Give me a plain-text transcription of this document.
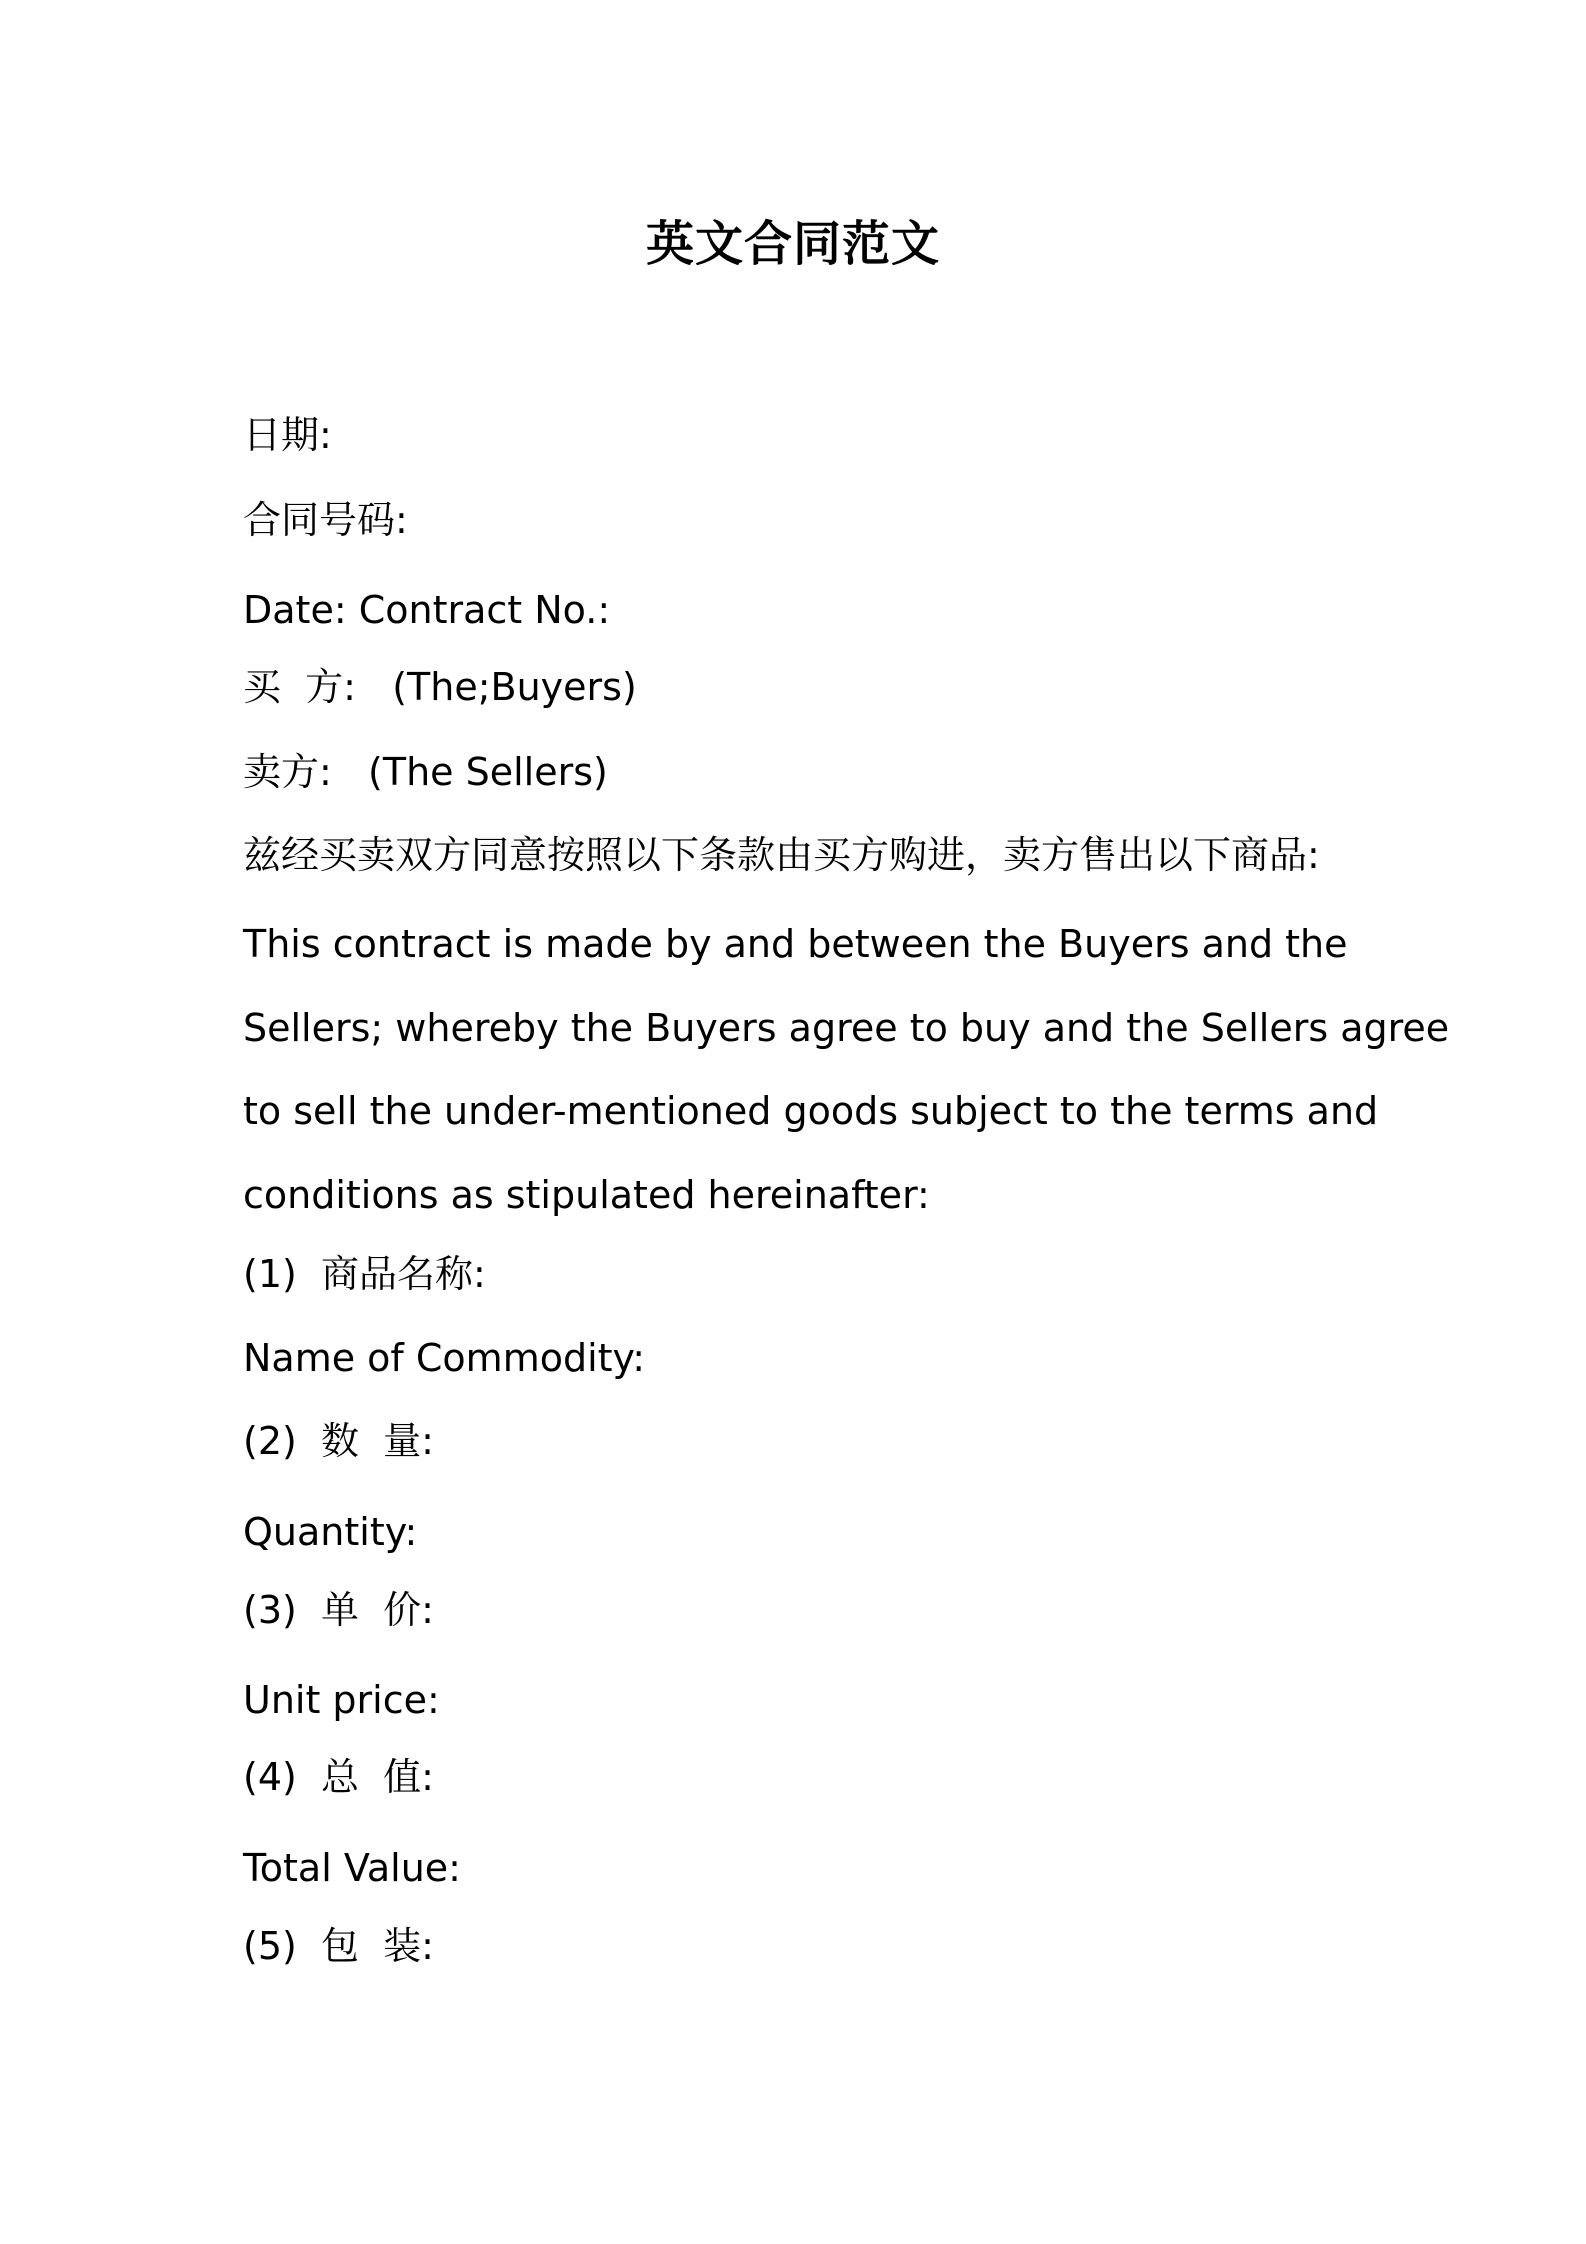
英文合同范文
日期:
合同号码:
Date: Contract No.:
买  方:   (The;Buyers)
卖方:   (The Sellers)
兹经买卖双方同意按照以下条款由买方购进，卖方售出以下商品:
This contract is made by and between the Buyers and the
Sellers; whereby the Buyers agree to buy and the Sellers agree
to sell the under-mentioned goods subject to the terms and
conditions as stipulated hereinafter:
(1)  商品名称:
Name of Commodity:
(2)  数  量:
Quantity:
(3)  单  价:
Unit price:
(4)  总  值:
Total Value:
(5)  包  装:
